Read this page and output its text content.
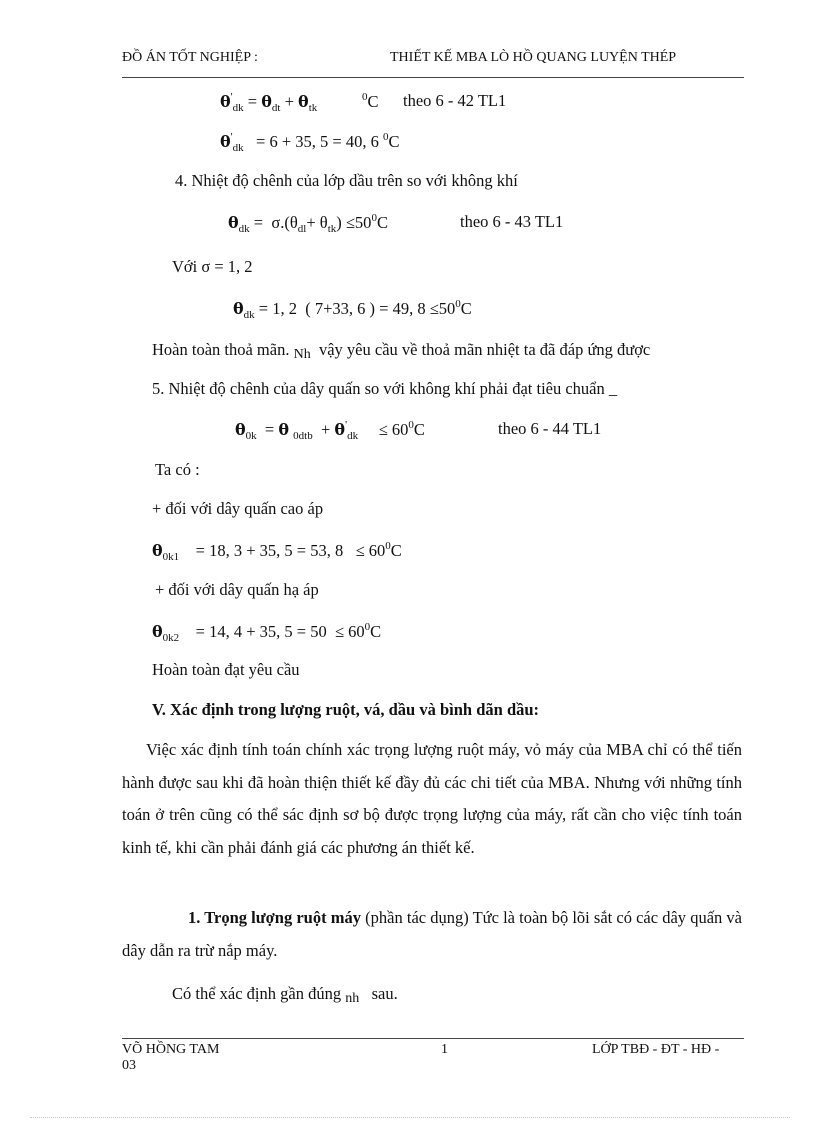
ĐỒ ÁN TỐT NGHIỆP :	THIẾT KẾ MBA LÒ HỒ QUANG LUYỆN THÉP
$\theta'_{dk} = \theta_{dt} + \theta_{tk}$
$^0$C theo 6 - 42 TL1
$\theta'_{dk} = 6 + 35$, 5 = 40, 6 $^0$C
4. Nhiệt độ chênh của lớp dầu trên so với không khí
$\theta_{dk} = \sigma.(\theta_{dl}+ \theta_{tk}) \le 50^0C$	theo 6 - 43 TL1
Với σ = 1, 2
$\theta_{dk} = 1$, 2  ( 7+33, 6 ) = 49, $8 \le 50^0C$
Hoàn toàn thoả mãn. Nh vậy yêu cầu về thoả mãn nhiệt ta đã đáp ứng được
5. Nhiệt độ chênh của dây quấn so với không khí phải đạt tiêu chuẩn _
$\theta_{0k} = \theta$ $_{0dtb} + \theta'_{dk}$     ≤ $60^0C$	theo 6 - 44 TL1
Ta có :
+ đối với dây quấn cao áp
$\theta_{0k1}$    = 18, 3 + 35, 5 = 53, $8 \le 60^0C$
+ đối với dây quấn hạ áp
$\theta_{0k2}$    = 14, 4 + 35, $5 = 50 \le 60^0C$
Hoàn toàn đạt yêu cầu
V. Xác định trong lượng ruột, vá, dầu và bình dãn dầu:
Việc xác định tính toán chính xác trọng lượng ruột máy, vỏ máy của MBA chỉ có thể tiến hành được sau khi đã hoàn thiện thiết kế đầy đủ các chi tiết của MBA. Nhưng với những tính toán ở trên cũng có thể sác định sơ bộ được trọng lượng của máy, rất cần cho việc tính toán kinh tế, khi cần phải đánh giá các phương án thiết kế.
1. Trọng lượng ruột máy (phần tác dụng) Tức là toàn bộ lõi sắt có các dây quấn và dây dẫn ra trừ nắp máy.
Có thể xác định gần đúng nh sau.
VÕ HỒNG TAM
03
1	LỚP TBĐ - ĐT - HĐ -
